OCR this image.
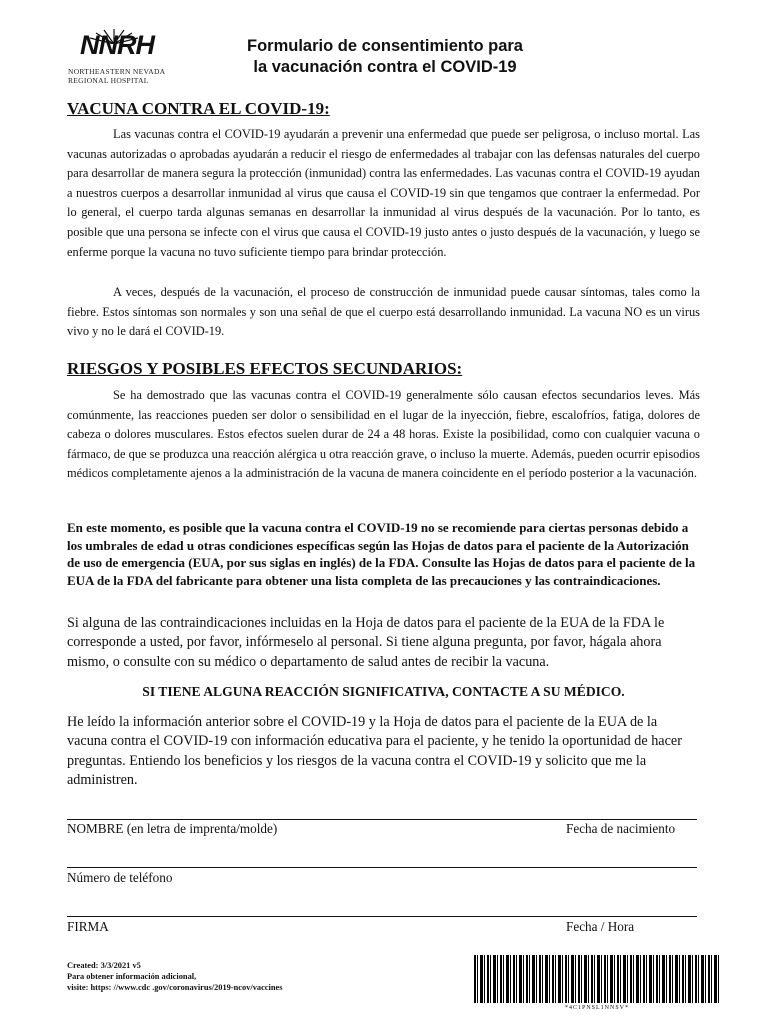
NNRH
NORTHEASTERN NEVADA
REGIONAL HOSPITAL
Formulario de consentimiento para
la vacunación contra el COVID-19
VACUNA CONTRA EL COVID-19:
Las vacunas contra el COVID-19 ayudarán a prevenir una enfermedad que puede ser peligrosa, o incluso mortal. Las vacunas autorizadas o aprobadas ayudarán a reducir el riesgo de enfermedades al trabajar con las defensas naturales del cuerpo para desarrollar de manera segura la protección (inmunidad) contra las enfermedades. Las vacunas contra el COVID-19 ayudan a nuestros cuerpos a desarrollar inmunidad al virus que causa el COVID-19 sin que tengamos que contraer la enfermedad. Por lo general, el cuerpo tarda algunas semanas en desarrollar la inmunidad al virus después de la vacunación. Por lo tanto, es posible que una persona se infecte con el virus que causa el COVID-19 justo antes o justo después de la vacunación, y luego se enferme porque la vacuna no tuvo suficiente tiempo para brindar protección.
A veces, después de la vacunación, el proceso de construcción de inmunidad puede causar síntomas, tales como la fiebre. Estos síntomas son normales y son una señal de que el cuerpo está desarrollando inmunidad. La vacuna NO es un virus vivo y no le dará el COVID-19.
RIESGOS Y POSIBLES EFECTOS SECUNDARIOS:
Se ha demostrado que las vacunas contra el COVID-19 generalmente sólo causan efectos secundarios leves. Más comúnmente, las reacciones pueden ser dolor o sensibilidad en el lugar de la inyección, fiebre, escalofríos, fatiga, dolores de cabeza o dolores musculares. Estos efectos suelen durar de 24 a 48 horas. Existe la posibilidad, como con cualquier vacuna o fármaco, de que se produzca una reacción alérgica u otra reacción grave, o incluso la muerte. Además, pueden ocurrir episodios médicos completamente ajenos a la administración de la vacuna de manera coincidente en el período posterior a la vacunación.
En este momento, es posible que la vacuna contra el COVID-19 no se recomiende para ciertas personas debido a los umbrales de edad u otras condiciones específicas según las Hojas de datos para el paciente de la Autorización de uso de emergencia (EUA, por sus siglas en inglés) de la FDA. Consulte las Hojas de datos para el paciente de la EUA de la FDA del fabricante para obtener una lista completa de las precauciones y las contraindicaciones.
Si alguna de las contraindicaciones incluidas en la Hoja de datos para el paciente de la EUA de la FDA le corresponde a usted, por favor, infórmeselo al personal. Si tiene alguna pregunta, por favor, hágala ahora mismo, o consulte con su médico o departamento de salud antes de recibir la vacuna.
SI TIENE ALGUNA REACCIÓN SIGNIFICATIVA, CONTACTE A SU MÉDICO.
He leído la información anterior sobre el COVID-19 y la Hoja de datos para el paciente de la EUA de la vacuna contra el COVID-19 con información educativa para el paciente, y he tenido la oportunidad de hacer preguntas. Entiendo los beneficios y los riesgos de la vacuna contra el COVID-19 y solicito que me la administren.
NOMBRE (en letra de imprenta/molde)	Fecha de nacimiento
Número de teléfono
FIRMA	Fecha / Hora
Created: 3/3/2021 v5
Para obtener información adicional,
visite: https: //www.cdc .gov/coronavirus/2019-ncov/vaccines
*4C1PNSL1NNSV*
